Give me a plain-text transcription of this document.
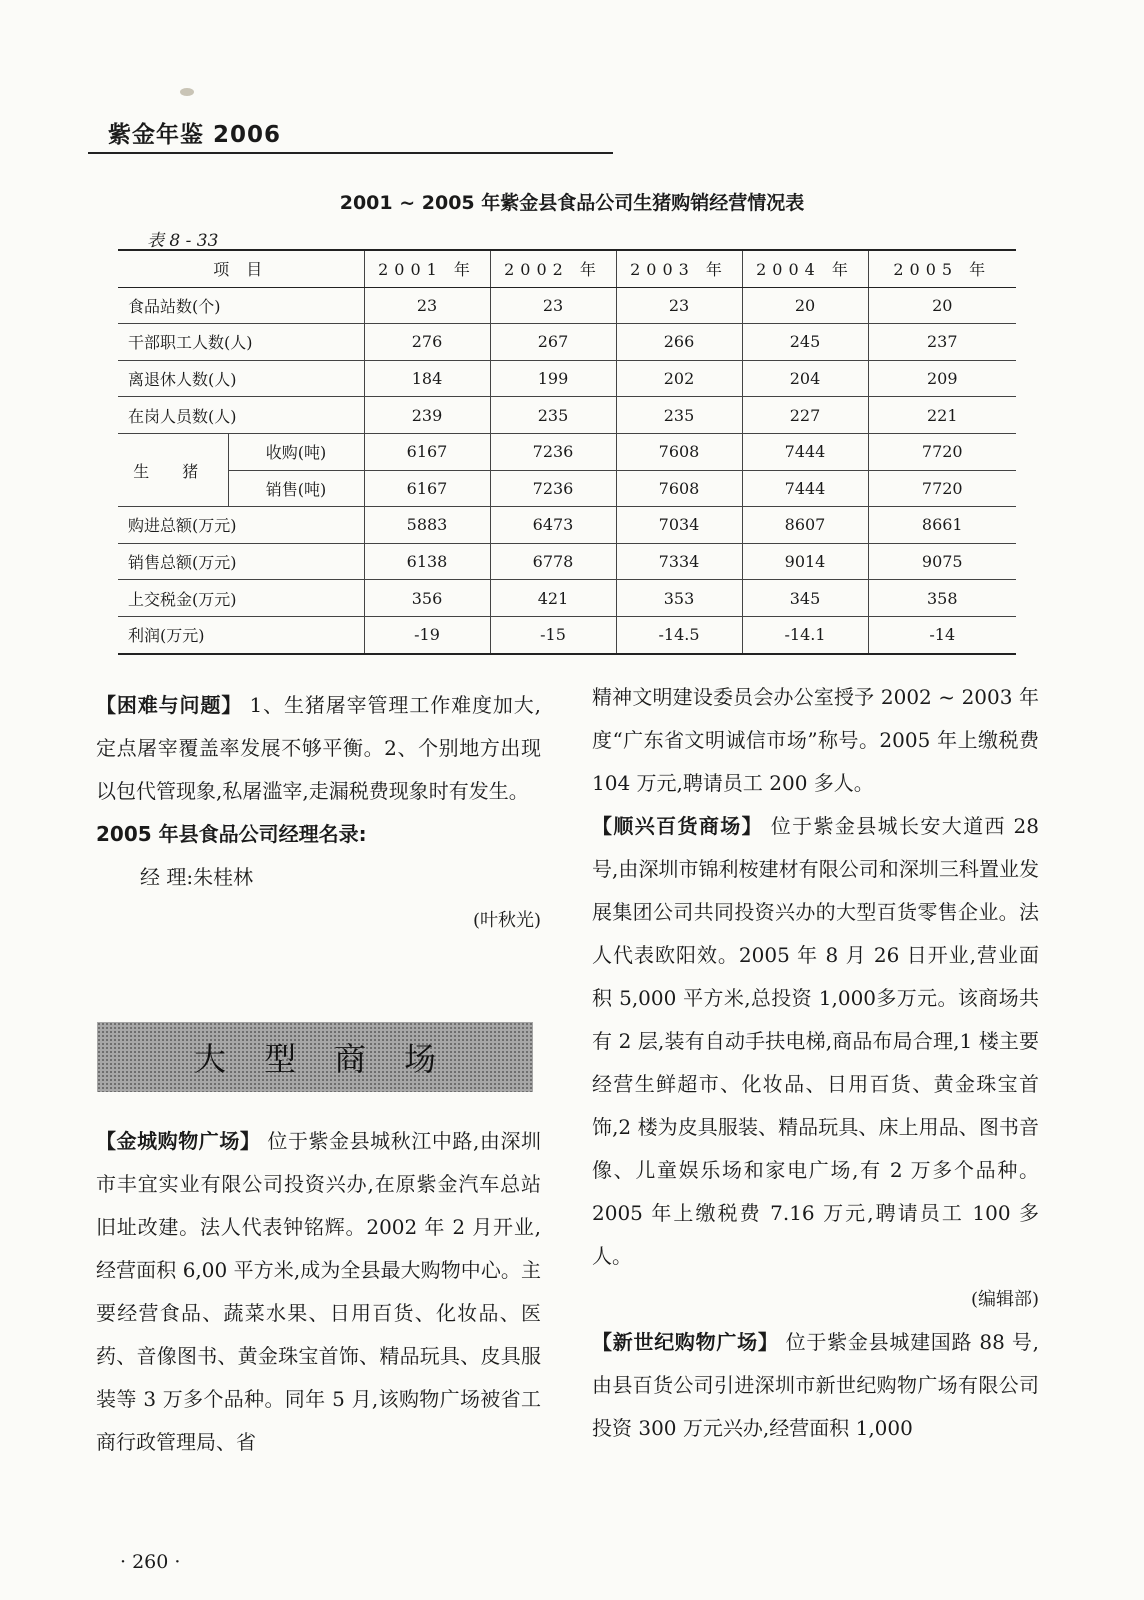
紫金年鉴 2006
2001 ~ 2005 年紫金县食品公司生猪购销经营情况表
表 8 - 33
项 目		2001 年	2002 年	2003 年	2004 年	2005 年
食品站数(个)		23	23	23	20	20
干部职工人数(人)		276	267	266	245	237
离退休人数(人)		184	199	202	204	209
在岗人员数(人)		239	235	235	227	221
生 猪	收购(吨)	6167	7236	7608	7444	7720
	销售(吨)	6167	7236	7608	7444	7720
购进总额(万元)		5883	6473	7034	8607	8661
销售总额(万元)		6138	6778	7334	9014	9075
上交税金(万元)		356	421	353	345	358
利润(万元)		-19	-15	-14.5	-14.1	-14

【困难与问题】 1、生猪屠宰管理工作难度加大,定点屠宰覆盖率发展不够平衡。2、个别地方出现以包代管现象,私屠滥宰,走漏税费现象时有发生。

2005 年县食品公司经理名录:

经 理:朱桂林

(叶秋光)

大型商场

【金城购物广场】 位于紫金县城秋江中路,由深圳市丰宜实业有限公司投资兴办,在原紫金汽车总站旧址改建。法人代表钟铭辉。2002 年 2 月开业,经营面积 6,00 平方米,成为全县最大购物中心。主要经营食品、蔬菜水果、日用百货、化妆品、医药、音像图书、黄金珠宝首饰、精品玩具、皮具服装等 3 万多个品种。同年 5 月,该购物广场被省工商行政管理局、省

精神文明建设委员会办公室授予 2002 ~ 2003 年度“广东省文明诚信市场”称号。2005 年上缴税费 104 万元,聘请员工 200 多人。

【顺兴百货商场】 位于紫金县城长安大道西 28 号,由深圳市锦利桉建材有限公司和深圳三科置业发展集团公司共同投资兴办的大型百货零售企业。法人代表欧阳效。2005 年 8 月 26 日开业,营业面积 5,000 平方米,总投资 1,000多万元。该商场共有 2 层,装有自动手扶电梯,商品布局合理,1 楼主要经营生鲜超市、化妆品、日用百货、黄金珠宝首饰,2 楼为皮具服装、精品玩具、床上用品、图书音像、儿童娱乐场和家电广场,有 2 万多个品种。2005 年上缴税费 7.16 万元,聘请员工 100 多人。

(编辑部)

【新世纪购物广场】 位于紫金县城建国路 88 号,由县百货公司引进深圳市新世纪购物广场有限公司投资 300 万元兴办,经营面积 1,000

· 260 ·
